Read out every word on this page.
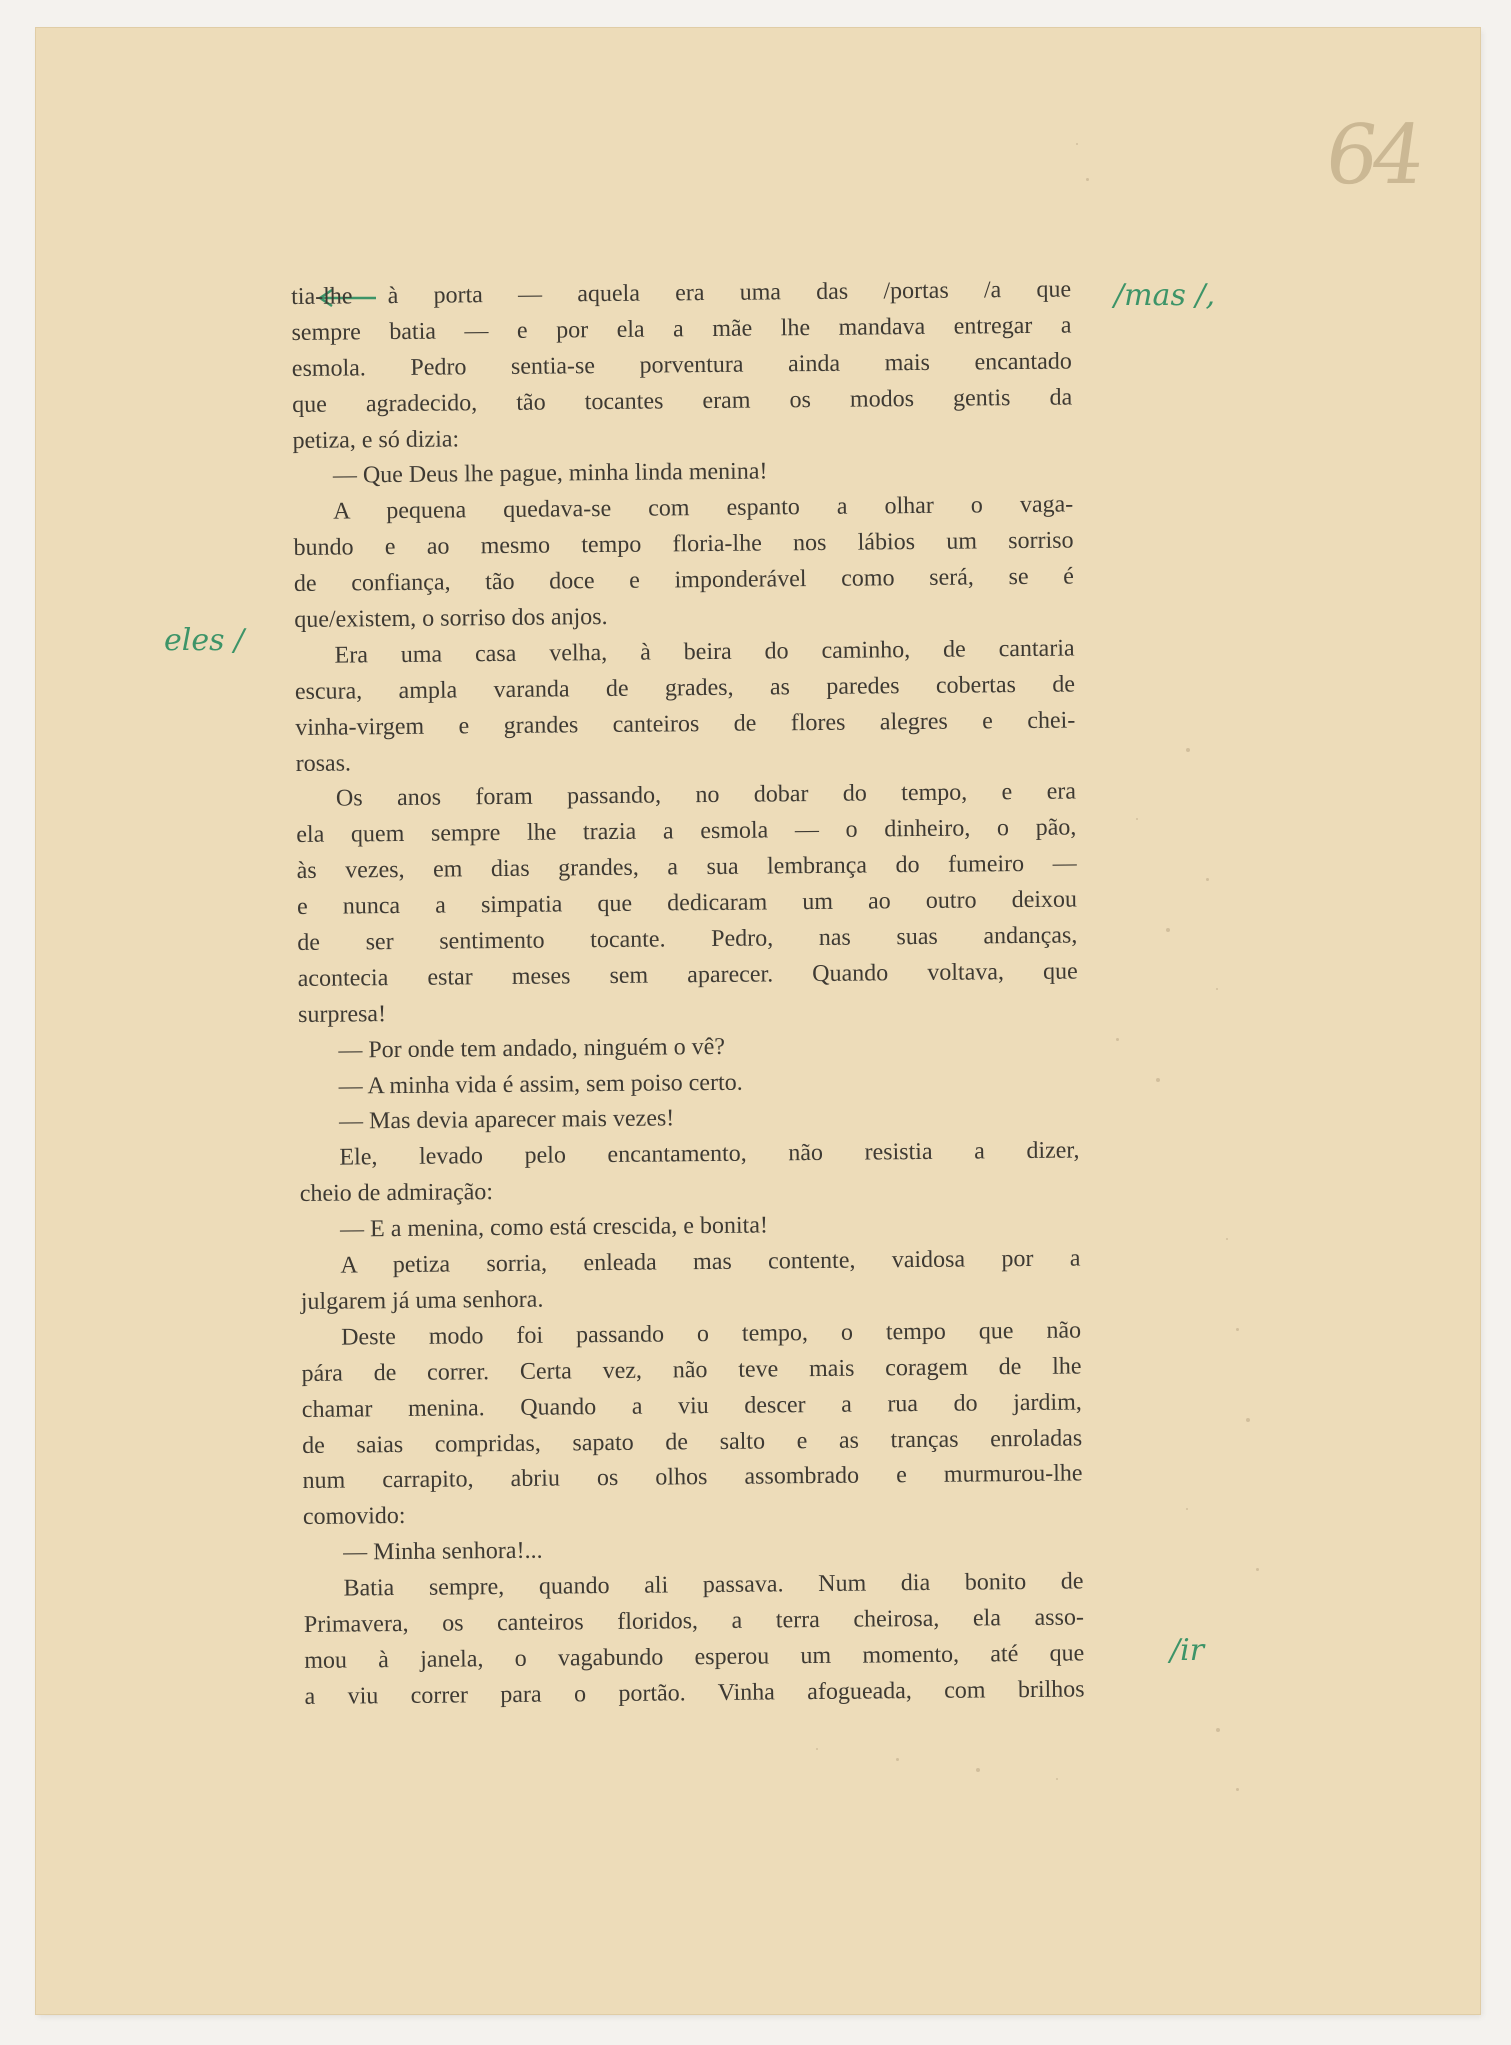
64
/mas /,
eles /
/ir
tia-lhe à porta — aquela era uma das /portas /a que
sempre batia — e por ela a mãe lhe mandava entregar a
esmola. Pedro sentia-se porventura ainda mais encantado
que agradecido, tão tocantes eram os modos gentis da
petiza, e só dizia:
— Que Deus lhe pague, minha linda menina!
A pequena quedava-se com espanto a olhar o vaga-
bundo e ao mesmo tempo floria-lhe nos lábios um sorriso
de confiança, tão doce e imponderável como será, se é
que/existem, o sorriso dos anjos.
Era uma casa velha, à beira do caminho, de cantaria
escura, ampla varanda de grades, as paredes cobertas de
vinha-virgem e grandes canteiros de flores alegres e chei-
rosas.
Os anos foram passando, no dobar do tempo, e era
ela quem sempre lhe trazia a esmola — o dinheiro, o pão,
às vezes, em dias grandes, a sua lembrança do fumeiro —
e nunca a simpatia que dedicaram um ao outro deixou
de ser sentimento tocante. Pedro, nas suas andanças,
acontecia estar meses sem aparecer. Quando voltava, que
surpresa!
— Por onde tem andado, ninguém o vê?
— A minha vida é assim, sem poiso certo.
— Mas devia aparecer mais vezes!
Ele, levado pelo encantamento, não resistia a dizer,
cheio de admiração:
— E a menina, como está crescida, e bonita!
A petiza sorria, enleada mas contente, vaidosa por a
julgarem já uma senhora.
Deste modo foi passando o tempo, o tempo que não
pára de correr. Certa vez, não teve mais coragem de lhe
chamar menina. Quando a viu descer a rua do jardim,
de saias compridas, sapato de salto e as tranças enroladas
num carrapito, abriu os olhos assombrado e murmurou-lhe
comovido:
— Minha senhora!...
Batia sempre, quando ali passava. Num dia bonito de
Primavera, os canteiros floridos, a terra cheirosa, ela asso-
mou à janela, o vagabundo esperou um momento, até que
a viu correr para o portão. Vinha afogueada, com brilhos
